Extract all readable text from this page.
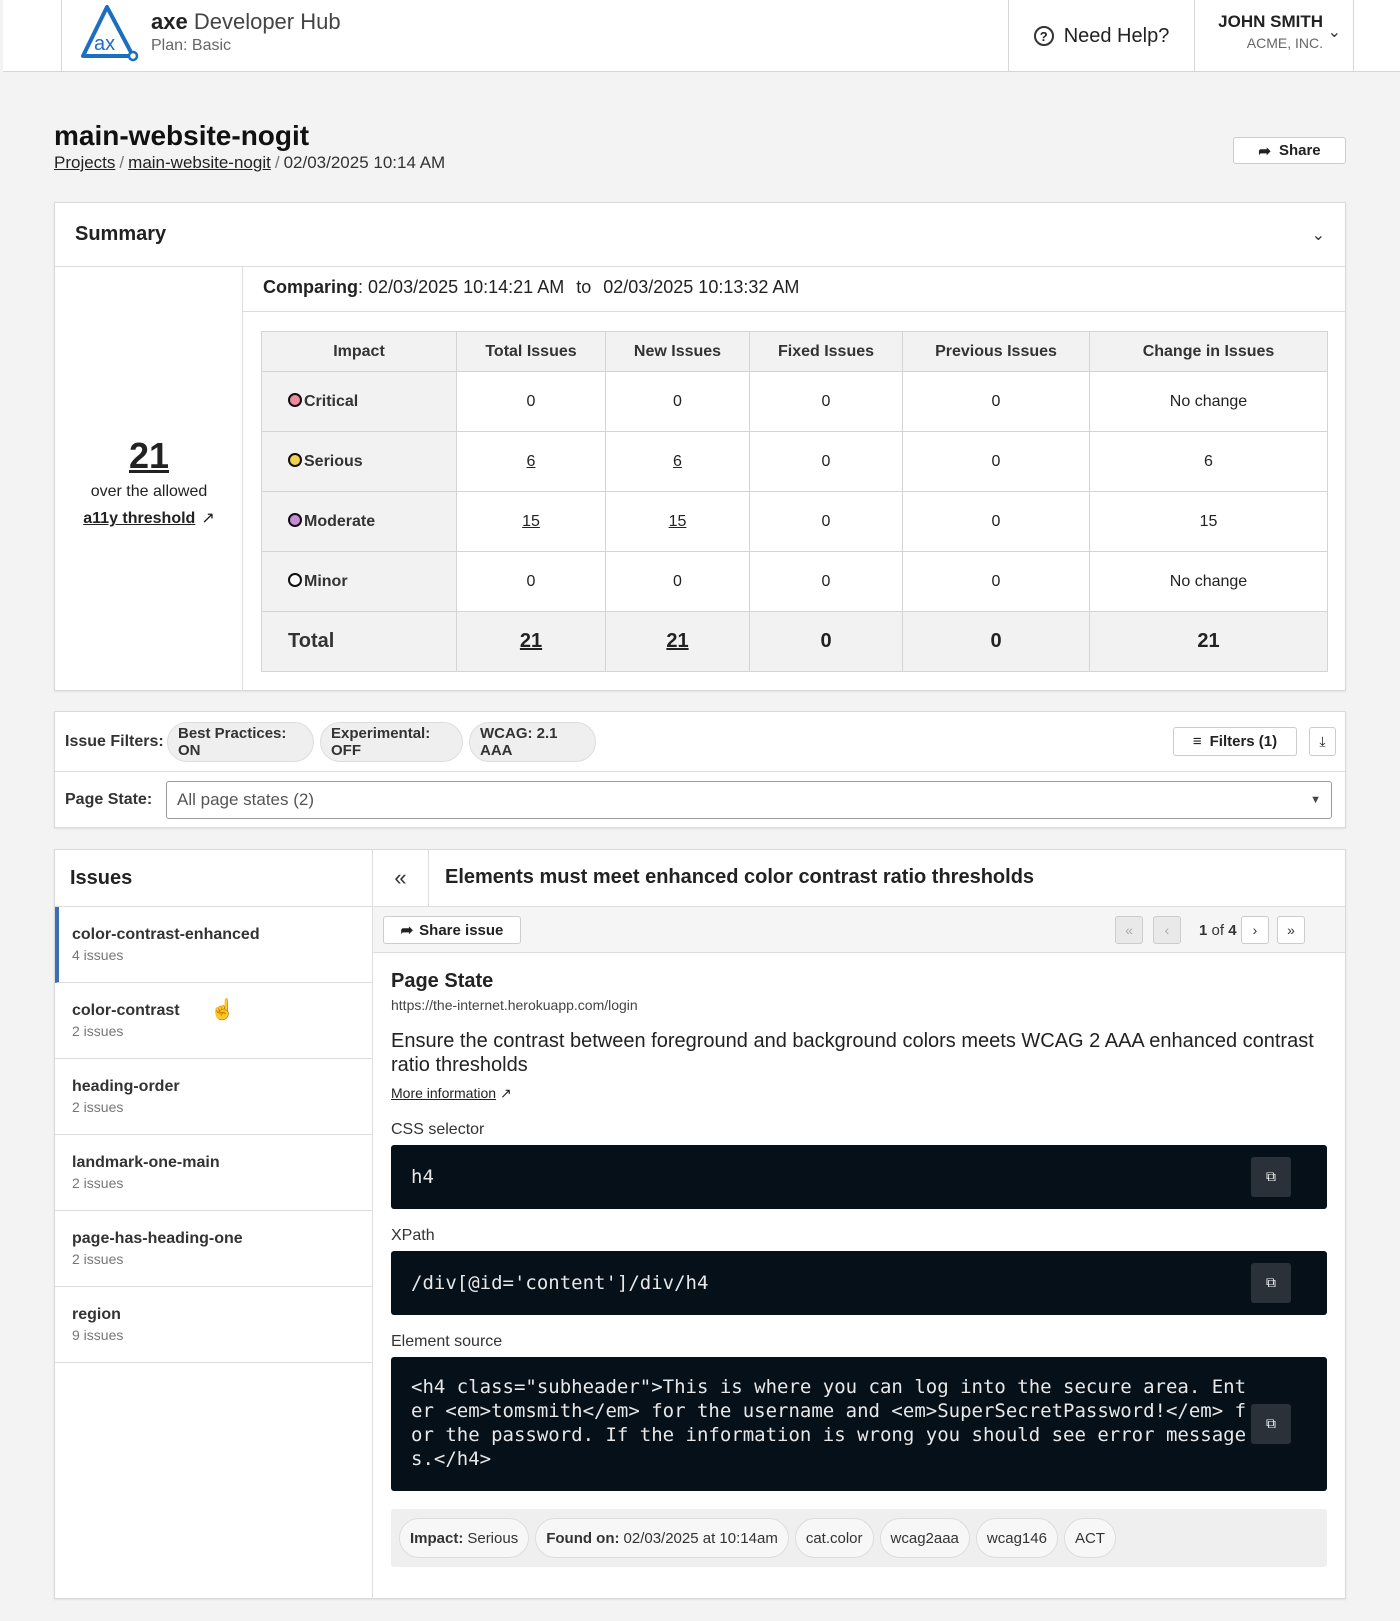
ax
axe Developer Hub
Plan: Basic
? Need Help?
JOHN SMITH
ACME, INC.
⌄
main-website-nogit
Projects / main-website-nogit / 02/03/2025 10:14 AM
➦ Share
Summary	⌄
21
over the allowed
a11y threshold ↗
Comparing: 02/03/2025 10:14:21 AM to 02/03/2025 10:13:32 AM
Impact	Total Issues	New Issues	Fixed Issues	Previous Issues	Change in Issues
Critical	0	0	0	0	No change
Serious	6	6	0	0	6
Moderate	15	15	0	0	15
Minor	0	0	0	0	No change
Total	21	21	0	0	21
Issue Filters: Best Practices: ON
Experimental: OFF
WCAG: 2.1 AAA
≡ Filters (1)	⤓
Page State: All page states (2)	▼
Issues
color-contrast-enhanced
4 issues
color-contrast
2 issues
☝
heading-order
2 issues
landmark-one-main
2 issues
page-has-heading-one
2 issues
region
9 issues
« Elements must meet enhanced color contrast ratio thresholds
➦ Share issue	« ‹ 1 of 4 › »
Page State
https://the-internet.herokuapp.com/login
Ensure the contrast between foreground and background colors meets WCAG 2 AAA enhanced contrast ratio thresholds
More information ↗
CSS selector
h4	⧉
XPath
/div[@id='content']/div/h4	⧉
Element source
<h4 class="subheader">This is where you can log into the secure area. Enter <em>tomsmith</em> for the username and <em>SuperSecretPassword!</em> for the password. If the information is wrong you should see error messages.</h4>
⧉
Impact: Serious Found on: 02/03/2025 at 10:14am cat.color wcag2aaa wcag146 ACT
